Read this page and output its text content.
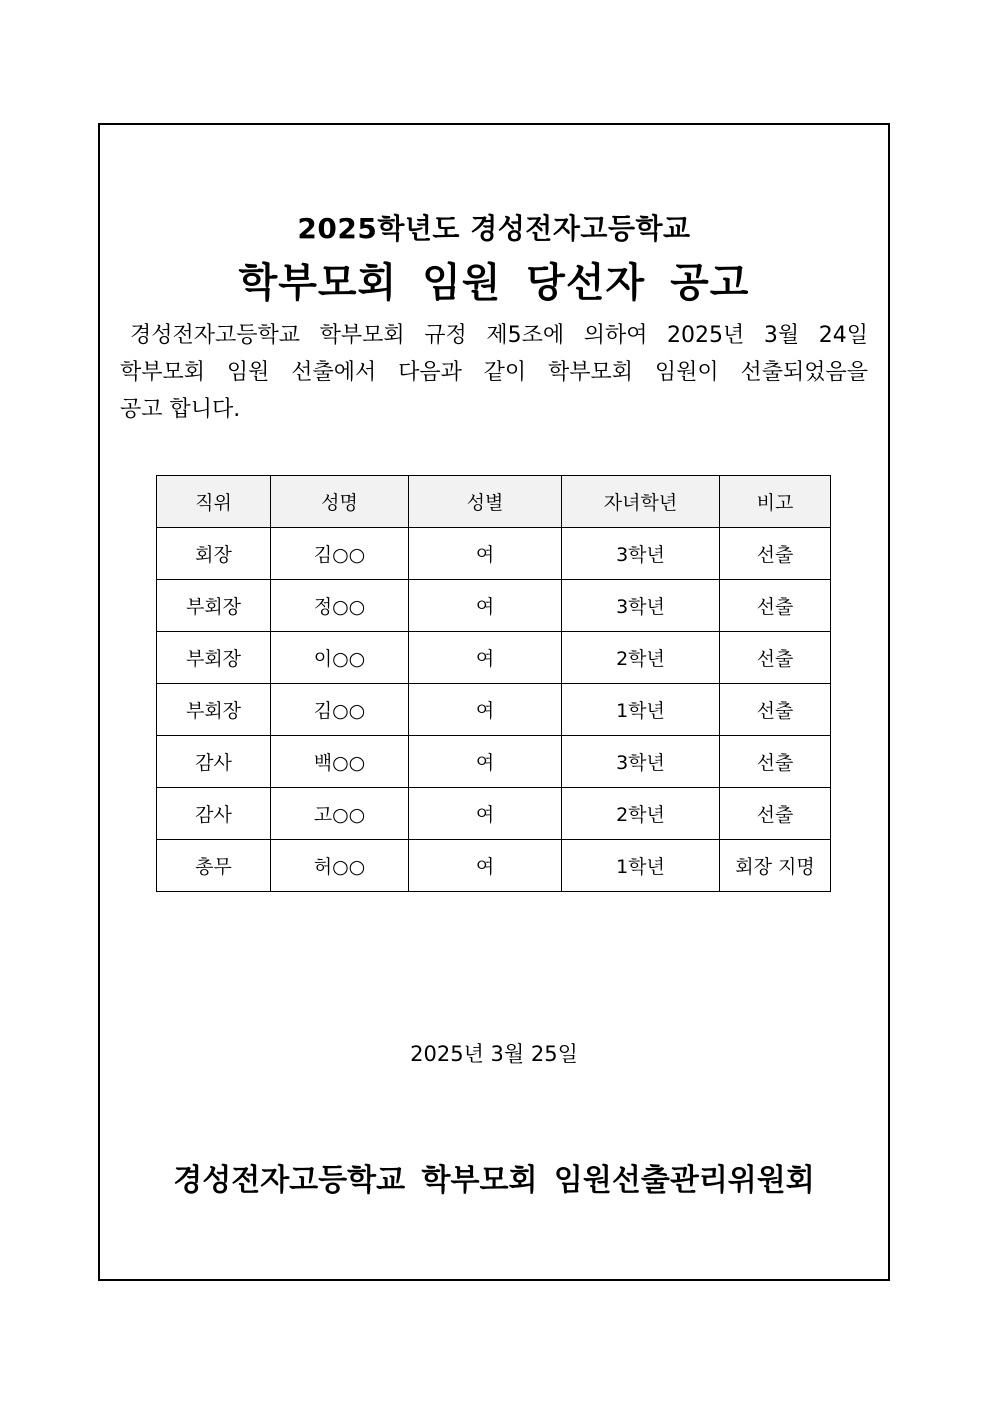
2025학년도 경성전자고등학교
학부모회 임원 당선자 공고
경성전자고등학교 학부모회 규정 제5조에 의하여 2025년 3월 24일
학부모회 임원 선출에서 다음과 같이 학부모회 임원이 선출되었음을
공고 합니다.
직위	성명	성별	자녀학년	비고
회장	김○○	여	3학년	선출
부회장	정○○	여	3학년	선출
부회장	이○○	여	2학년	선출
부회장	김○○	여	1학년	선출
감사	백○○	여	3학년	선출
감사	고○○	여	2학년	선출
총무	허○○	여	1학년	회장 지명
2025년 3월 25일
경성전자고등학교 학부모회 임원선출관리위원회
